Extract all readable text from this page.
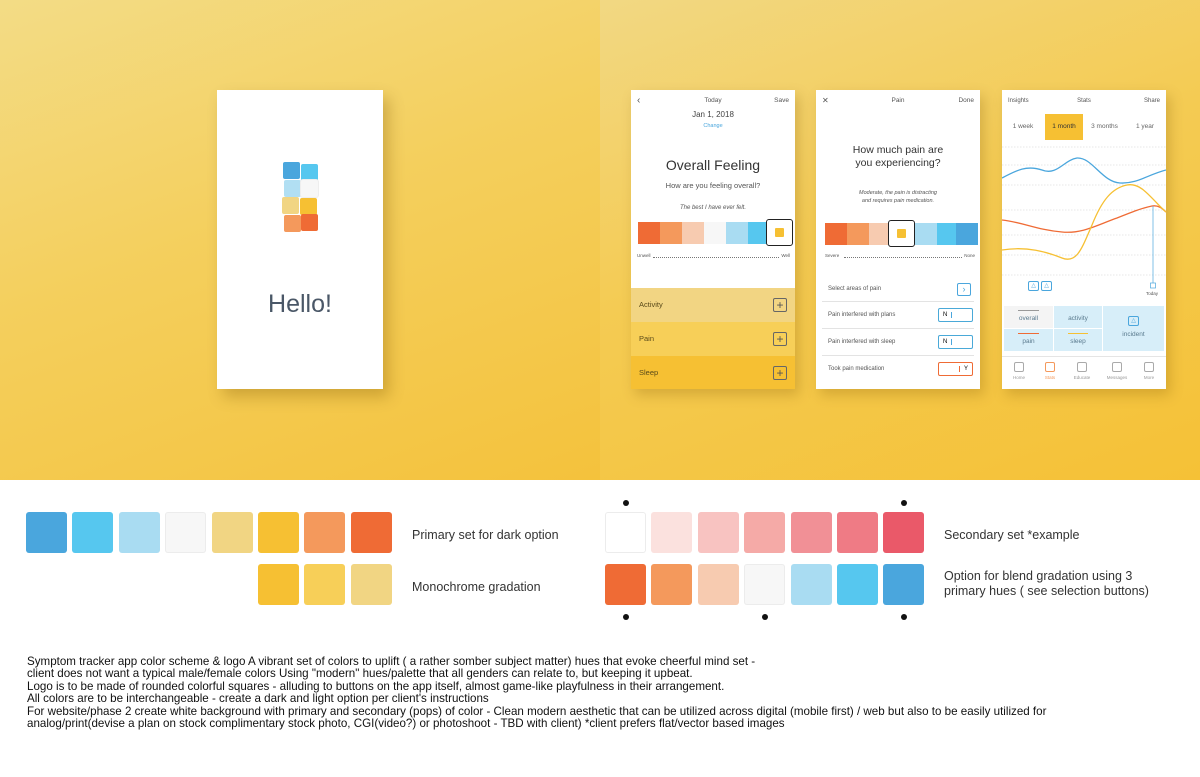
Hello!
‹	Today	Save
Jan 1, 2018
Change
Overall Feeling
How are you feeling overall?
The best I have ever felt.
Unwell	Well
Activity	+
Pain	+
Sleep	+
✕	Pain	Done
How much pain are
you experiencing?
Moderate, the pain is distracting
and requires pain medication.
Severe	None
Select areas of pain	›
Pain interfered with plans	N
Pain interfered with sleep	N
Took pain medication	Y
Insights	Stats	Share
1 week	1 month	3 months	1 year
Today
△	△
overall	activity
pain	sleep
△
incident
Home	Stats	Educate	Messages	More
Primary set for dark option
Monochrome gradation
Secondary set *example
Option for blend gradation using 3
primary hues ( see selection buttons)
Symptom tracker app color scheme & logo A vibrant set of colors to uplift ( a rather somber subject matter) hues that evoke cheerful mind set -
client does not want a typical male/female colors Using "modern" hues/palette that all genders can relate to, but keeping it upbeat.
Logo is to be made of rounded colorful squares - alluding to buttons on the app itself, almost game-like playfulness in their arrangement.
All colors are to be interchangeable - create a dark and light option per client's instructions
For website/phase 2 create white background with primary and secondary (pops) of color - Clean modern aesthetic that can be utilized across digital (mobile first) / web but also to be easily utilized for
analog/print(devise a plan on stock complimentary stock photo, CGI(video?) or photoshoot - TBD with client) *client prefers flat/vector based images
